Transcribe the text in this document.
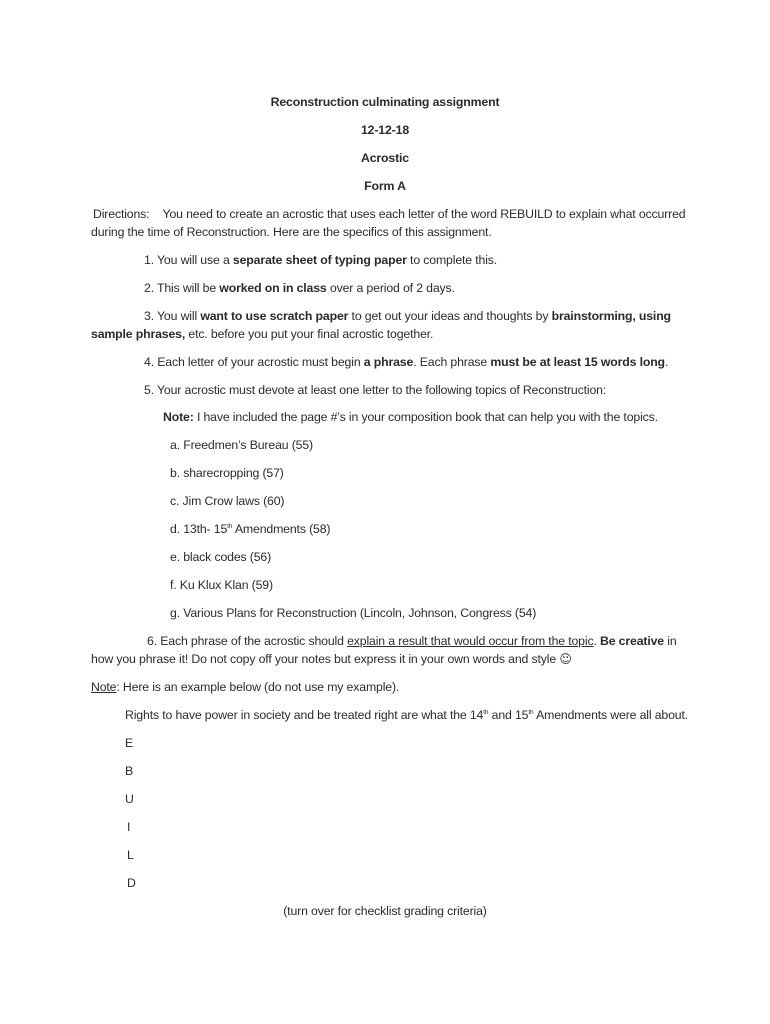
Reconstruction culminating assignment
12-12-18
Acrostic
Form A
Directions: You need to create an acrostic that uses each letter of the word REBUILD to explain what occurred
during the time of Reconstruction. Here are the specifics of this assignment.
1. You will use a separate sheet of typing paper to complete this.
2. This will be worked on in class over a period of 2 days.
3. You will want to use scratch paper to get out your ideas and thoughts by brainstorming, using
sample phrases, etc. before you put your final acrostic together.
4. Each letter of your acrostic must begin a phrase. Each phrase must be at least 15 words long.
5. Your acrostic must devote at least one letter to the following topics of Reconstruction:
Note: I have included the page #’s in your composition book that can help you with the topics.
a. Freedmen’s Bureau (55)
b. sharecropping (57)
c. Jim Crow laws (60)
d. 13th- 15th Amendments (58)
e. black codes (56)
f. Ku Klux Klan (59)
g. Various Plans for Reconstruction (Lincoln, Johnson, Congress (54)
6. Each phrase of the acrostic should explain a result that would occur from the topic. Be creative in
how you phrase it! Do not copy off your notes but express it in your own words and style ☺
Note: Here is an example below (do not use my example).
Rights to have power in society and be treated right are what the 14th and 15th Amendments were all about.
E
B
U
I
L
D
(turn over for checklist grading criteria)
